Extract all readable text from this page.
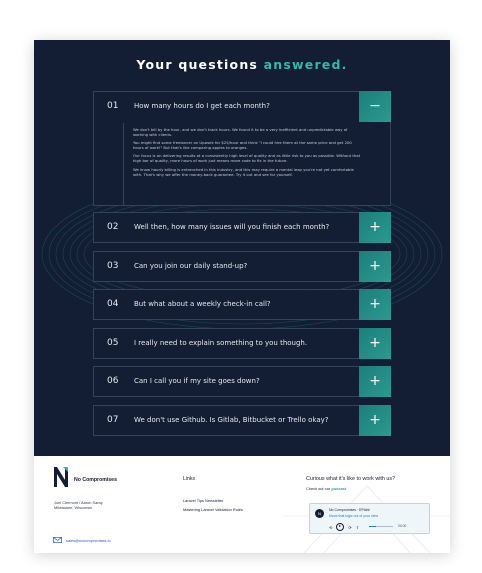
Your questions answered.
01 How many hours do I get each month?	−

We don't bill by the hour, and we don't track hours. We found it to be a very inefficient and unpredictable way of working with clients.

You might find some freelancer on Upwork for $25/hour and think "I could hire them at the same price and get 200 hours of work!" But that's like comparing apples to oranges.

Our focus is on delivering results at a consistently high level of quality and as little risk to you as possible. Without that high bar of quality, more hours of work just means more code to fix in the future.

We know hourly billing is entrenched in this industry, and this may require a mental leap you're not yet comfortable with. That's why we offer the money-back guarantee. Try it out and see for yourself.

02 Well then, how many issues will you finish each month?	+
03 Can you join our daily stand-up?	+
04 But what about a weekly check-in call?	+
05 I really need to explain something to you though.	+
06 Can I call you if my site goes down?	+
07 We don't use Github. Is Gitlab, Bitbucket or Trello okay?	+
No Compromises
Joel Clermont / Aaron Saray
Milwaukee, Wisconsin
sales@nocompromises.io
Links
Laravel Tips Newsletter
Mastering Laravel Validation Rules
Curious what it's like to work with us?
Check out our podcast
N
No Compromises · EP###
Move that logic out of your view
⟲	⟳ ⇪	00:00
